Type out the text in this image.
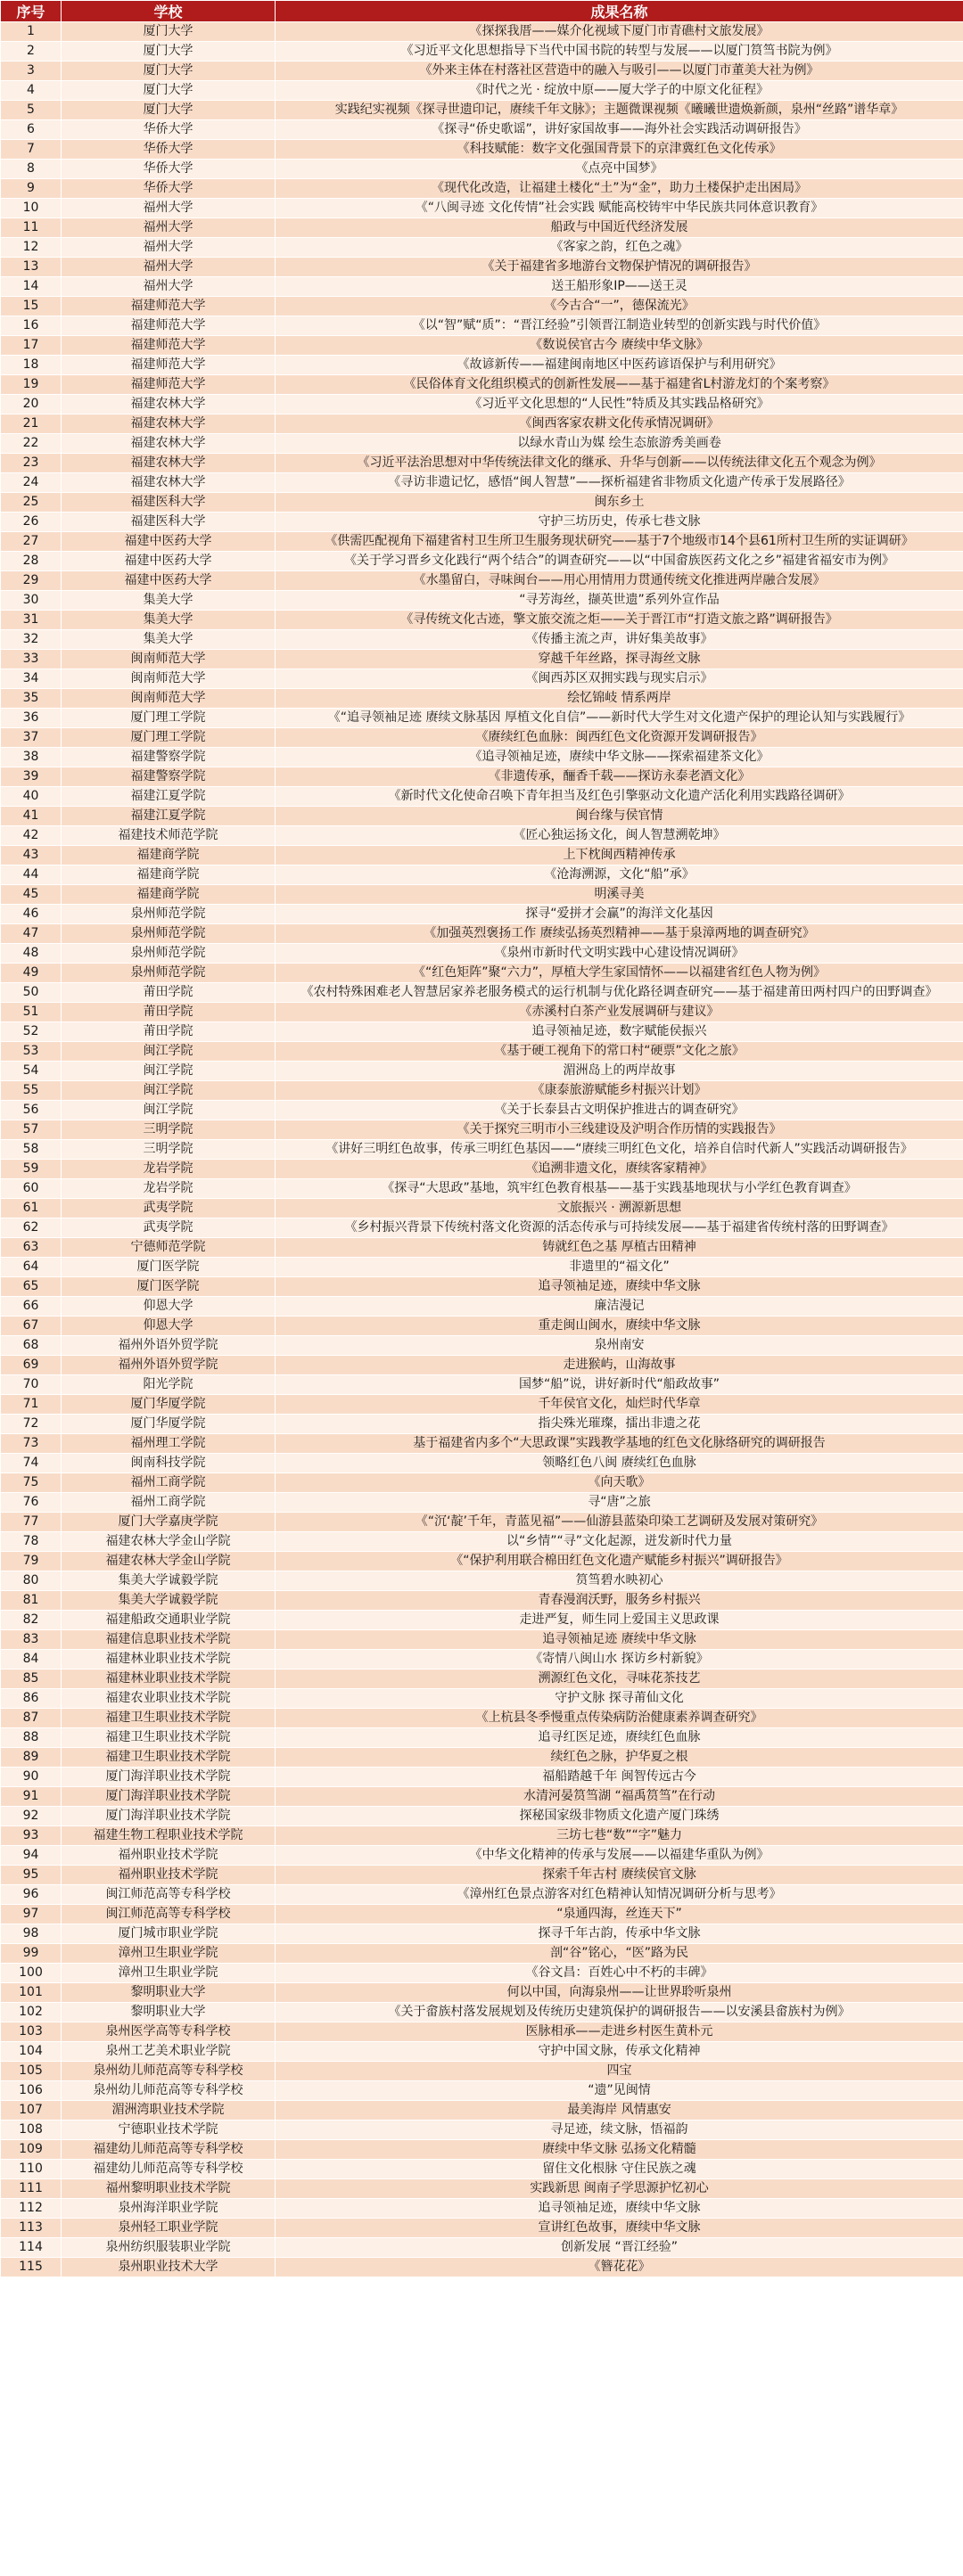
序号	学校	成果名称
1	厦门大学	《探探我厝——媒介化视域下厦门市青礁村文旅发展》
2	厦门大学	《习近平文化思想指导下当代中国书院的转型与发展——以厦门筼筜书院为例》
3	厦门大学	《外来主体在村落社区营造中的融入与吸引——以厦门市董美大社为例》
4	厦门大学	《时代之光 · 绽放中原——厦大学子的中原文化征程》
5	厦门大学	实践纪实视频《探寻世遗印记，赓续千年文脉》；主题微课视频《曦曦世遗焕新颜，泉州“丝路”谱华章》
6	华侨大学	《探寻“侨史歌谣”，讲好家国故事——海外社会实践活动调研报告》
7	华侨大学	《科技赋能：数字文化强国背景下的京津冀红色文化传承》
8	华侨大学	《点亮中国梦》
9	华侨大学	《现代化改造，让福建土楼化“土”为“金”，助力土楼保护走出困局》
10	福州大学	《“八闽寻迹 文化传情”社会实践 赋能高校铸牢中华民族共同体意识教育》
11	福州大学	船政与中国近代经济发展
12	福州大学	《客家之韵，红色之魂》
13	福州大学	《关于福建省多地游台文物保护情况的调研报告》
14	福州大学	送王船形象IP——送王灵
15	福建师范大学	《今古合“一”，德保流光》
16	福建师范大学	《以“智”赋“质”：“晋江经验”引领晋江制造业转型的创新实践与时代价值》
17	福建师范大学	《数说侯官古今 赓续中华文脉》
18	福建师范大学	《故谚新传——福建闽南地区中医药谚语保护与利用研究》
19	福建师范大学	《民俗体育文化组织模式的创新性发展——基于福建省L村游龙灯的个案考察》
20	福建农林大学	《习近平文化思想的“人民性”特质及其实践品格研究》
21	福建农林大学	《闽西客家农耕文化传承情况调研》
22	福建农林大学	以绿水青山为媒 绘生态旅游秀美画卷
23	福建农林大学	《习近平法治思想对中华传统法律文化的继承、升华与创新——以传统法律文化五个观念为例》
24	福建农林大学	《寻访非遗记忆，感悟“闽人智慧”——探析福建省非物质文化遗产传承于发展路径》
25	福建医科大学	闽东乡土
26	福建医科大学	守护三坊历史，传承七巷文脉
27	福建中医药大学	《供需匹配视角下福建省村卫生所卫生服务现状研究——基于7个地级市14个县61所村卫生所的实证调研》
28	福建中医药大学	《关于学习晋乡文化践行“两个结合”的调查研究——以“中国畲族医药文化之乡”福建省福安市为例》
29	福建中医药大学	《水墨留白，寻味闽台——用心用情用力贯通传统文化推进两岸融合发展》
30	集美大学	“寻芳海丝，撷英世遗”系列外宣作品
31	集美大学	《寻传统文化古迹，擎文旅交流之炬——关于晋江市“打造文旅之路”调研报告》
32	集美大学	《传播主流之声，讲好集美故事》
33	闽南师范大学	穿越千年丝路，探寻海丝文脉
34	闽南师范大学	《闽西苏区双拥实践与现实启示》
35	闽南师范大学	绘忆锦岐 情系两岸
36	厦门理工学院	《“追寻领袖足迹 赓续文脉基因 厚植文化自信”——新时代大学生对文化遗产保护的理论认知与实践履行》
37	厦门理工学院	《赓续红色血脉：闽西红色文化资源开发调研报告》
38	福建警察学院	《追寻领袖足迹，赓续中华文脉——探索福建茶文化》
39	福建警察学院	《非遗传承，酾香千载——探访永泰老酒文化》
40	福建江夏学院	《新时代文化使命召唤下青年担当及红色引擎驱动文化遗产活化利用实践路径调研》
41	福建江夏学院	闽台缘与侯官情
42	福建技术师范学院	《匠心独运扬文化，闽人智慧溯乾坤》
43	福建商学院	上下枕闽西精神传承
44	福建商学院	《沧海溯源，文化“船”承》
45	福建商学院	明溪寻美
46	泉州师范学院	探寻“爱拼才会赢”的海洋文化基因
47	泉州师范学院	《加强英烈褒扬工作 赓续弘扬英烈精神——基于泉漳两地的调查研究》
48	泉州师范学院	《泉州市新时代文明实践中心建设情况调研》
49	泉州师范学院	《“红色矩阵”聚“六力”，厚植大学生家国情怀——以福建省红色人物为例》
50	莆田学院	《农村特殊困难老人智慧居家养老服务模式的运行机制与优化路径调查研究——基于福建莆田两村四户的田野调查》
51	莆田学院	《赤溪村白茶产业发展调研与建议》
52	莆田学院	追寻领袖足迹，数字赋能侯振兴
53	闽江学院	《基于硬工视角下的常口村“硬票”文化之旅》
54	闽江学院	湄洲岛上的两岸故事
55	闽江学院	《康泰旅游赋能乡村振兴计划》
56	闽江学院	《关于长泰县古文明保护推进古的调查研究》
57	三明学院	《关于探究三明市小三线建设及沪明合作历情的实践报告》
58	三明学院	《讲好三明红色故事，传承三明红色基因——“赓续三明红色文化，培养自信时代新人”实践活动调研报告》
59	龙岩学院	《追溯非遗文化，赓续客家精神》
60	龙岩学院	《探寻“大思政”基地，筑牢红色教育根基——基于实践基地现状与小学红色教育调查》
61	武夷学院	文旅振兴 · 溯源新思想
62	武夷学院	《乡村振兴背景下传统村落文化资源的活态传承与可持续发展——基于福建省传统村落的田野调查》
63	宁德师范学院	铸就红色之基 厚植古田精神
64	厦门医学院	非遗里的“福文化”
65	厦门医学院	追寻领袖足迹，赓续中华文脉
66	仰恩大学	廉洁漫记
67	仰恩大学	重走闽山闽水，赓续中华文脉
68	福州外语外贸学院	泉州南安
69	福州外语外贸学院	走进猴屿，山海故事
70	阳光学院	国梦“船”说，讲好新时代“船政故事”
71	厦门华厦学院	千年侯官文化，灿烂时代华章
72	厦门华厦学院	指尖殊光璀璨，擂出非遗之花
73	福州理工学院	基于福建省内多个“大思政课”实践教学基地的红色文化脉络研究的调研报告
74	闽南科技学院	领略红色八闽 赓续红色血脉
75	福州工商学院	《向天歌》
76	福州工商学院	寻“唐”之旅
77	厦门大学嘉庚学院	《“沉‘靛’千年，青蓝见福”——仙游县蓝染印染工艺调研及发展对策研究》
78	福建农林大学金山学院	以“乡情”“寻”文化起源，迸发新时代力量
79	福建农林大学金山学院	《“保护利用联合棉田红色文化遗产赋能乡村振兴”调研报告》
80	集美大学诚毅学院	筼筜碧水映初心
81	集美大学诚毅学院	青春漫润沃野，服务乡村振兴
82	福建船政交通职业学院	走进严复，师生同上爱国主义思政课
83	福建信息职业技术学院	追寻领袖足迹 赓续中华文脉
84	福建林业职业技术学院	《寄情八闽山水 探访乡村新貌》
85	福建林业职业技术学院	溯源红色文化，寻味花茶技艺
86	福建农业职业技术学院	守护文脉 探寻莆仙文化
87	福建卫生职业技术学院	《上杭县冬季慢重点传染病防治健康素养调查研究》
88	福建卫生职业技术学院	追寻红医足迹，赓续红色血脉
89	福建卫生职业技术学院	续红色之脉，护华夏之根
90	厦门海洋职业技术学院	福船踏越千年 闽智传远古今
91	厦门海洋职业技术学院	水清河晏筼筜湖 “福禹筼筜”在行动
92	厦门海洋职业技术学院	探秘国家级非物质文化遗产厦门珠绣
93	福建生物工程职业技术学院	三坊七巷“数”“字”魅力
94	福州职业技术学院	《中华文化精神的传承与发展——以福建华重队为例》
95	福州职业技术学院	探索千年古村 赓续侯官文脉
96	闽江师范高等专科学校	《漳州红色景点游客对红色精神认知情况调研分析与思考》
97	闽江师范高等专科学校	“泉通四海，丝连天下”
98	厦门城市职业学院	探寻千年古韵，传承中华文脉
99	漳州卫生职业学院	剖“谷”铭心，“医”路为民
100	漳州卫生职业学院	《谷文昌：百姓心中不朽的丰碑》
101	黎明职业大学	何以中国，向海泉州——让世界聆听泉州
102	黎明职业大学	《关于畲族村落发展规划及传统历史建筑保护的调研报告——以安溪县畲族村为例》
103	泉州医学高等专科学校	医脉相承——走进乡村医生黄朴元
104	泉州工艺美术职业学院	守护中国文脉，传承文化精神
105	泉州幼儿师范高等专科学校	四宝
106	泉州幼儿师范高等专科学校	“遗”见闽情
107	湄洲湾职业技术学院	最美海岸 风情惠安
108	宁德职业技术学院	寻足迹，续文脉，悟福韵
109	福建幼儿师范高等专科学校	赓续中华文脉 弘扬文化精髓
110	福建幼儿师范高等专科学校	留住文化根脉 守住民族之魂
111	福州黎明职业技术学院	实践新思 闽南子学思源护忆初心
112	泉州海洋职业学院	追寻领袖足迹，赓续中华文脉
113	泉州轻工职业学院	宣讲红色故事，赓续中华文脉
114	泉州纺织服装职业学院	创新发展 “晋江经验”
115	泉州职业技术大学	《簪花花》
